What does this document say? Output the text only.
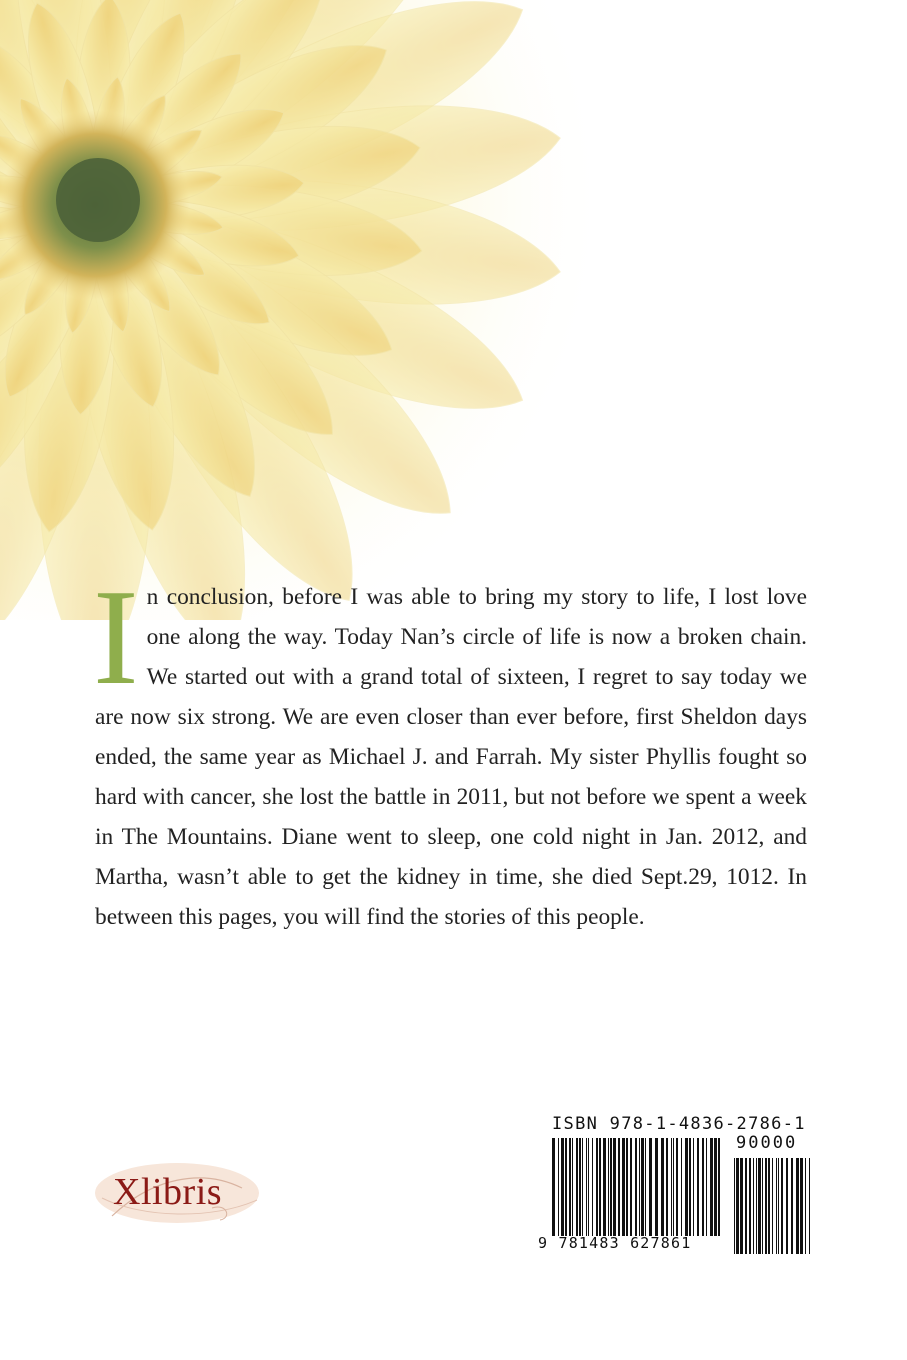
In conclusion, before I was able to bring my story to life, I lost love one along the way. Today Nan’s circle of life is now a broken chain. We started out with a grand total of sixteen, I regret to say today we are now six strong. We are even closer than ever before, first Sheldon days ended, the same year as Michael J. and Farrah. My sister Phyllis fought so hard with cancer, she lost the battle in 2011, but not before we spent a week in The Mountains. Diane went to sleep, one cold night in Jan. 2012, and Martha, wasn’t able to get the kidney in time, she died Sept.29, 1012. In between this pages, you will find the stories of this people.

ISBN 978-1-4836-2786-1
90000
9 781483 627861
Xlibris
